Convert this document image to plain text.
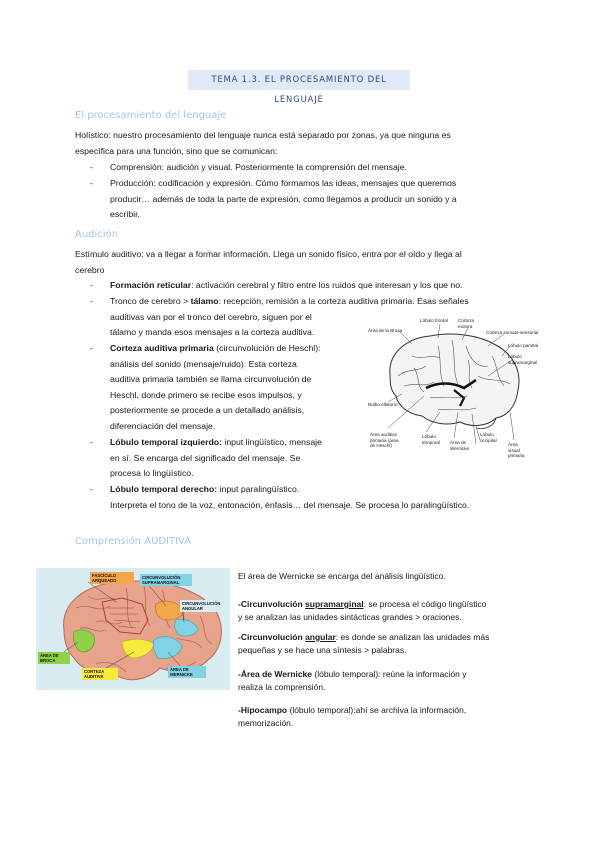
TEMA 1.3. EL PROCESAMIENTO DEL LENGUAJE
El procesamiento del lenguaje
Holístico: nuestro procesamiento del lenguaje nunca está separado por zonas, ya que ninguna es
específica para una función, sino que se comunican:
- Comprensión: audición y visual. Posteriormente la comprensión del mensaje.
- Producción: codificación y expresión. Cómo formamos las ideas, mensajes que queremos
producir… además de toda la parte de expresión, como llegamos a producir un sonido y a
escribir.
Audición
Estímulo auditivo: va a llegar a formar información. Llega un sonido físico, entra por el oído y llega al
cerebro
- Formación reticular: activación cerebral y filtro entre los ruidos que interesan y los que no.
- Tronco de cerebro > tálamo: recepción, remisión a la corteza auditiva primaria. Esas señales
auditivas van por el tronco del cerebro, siguen por el
tálamo y manda esos mensajes a la corteza auditiva.
- Corteza auditiva primaria (circunvolución de Heschl):
análisis del sonido (mensaje/ruido). Esta corteza
auditiva primaria también se llama circunvolución de
Heschl, donde primero se recibe esos impulsos, y
posteriormente se procede a un detallado análisis,
diferenciación del mensaje.
- Lóbulo temporal izquierdo: input lingüístico, mensaje
en sí. Se encarga del significado del mensaje. Se
procesa lo lingüístico.
- Lóbulo temporal derecho: input paralingüístico.
Interpreta el tono de la voz, entonación, énfasis… del mensaje. Se procesa lo paralingüístico.
Lóbulo frontal Corteza motora
Área de la Broca	Corteza somato-sensorial
Lóbulo parietal
Lóbulo supramarginal
Bulbo olfatorio
Área auditiva primaria (área de Heschl)
Lóbulo temporal	Área de Wernicke
Lóbulo occipital
Área visual primaria
Comprensión AUDITIVA
FASCÍCULO ARQUEADO
CIRCUNVOLUCIÓN SUPRAMARGINAL
CIRCUNVOLUCIÓN ANGULAR
ÁREA DE BROCA
CORTEZA AUDITIVA
ÁREA DE WERNICKE
El área de Wernicke se encarga del análisis lingüístico.
-Circunvolución supramarginal: se procesa el código lingüístico
y se analizan las unidades sintácticas grandes > oraciones.
-Circunvolución angular: es donde se analizan las unidades más
pequeñas y se hace una síntesis > palabras.
-Área de Wernicke (lóbulo temporal): reúne la información y
realiza la comprensión.
-Hipocampo (lóbulo temporal):ahí se archiva la información,
memorización.
